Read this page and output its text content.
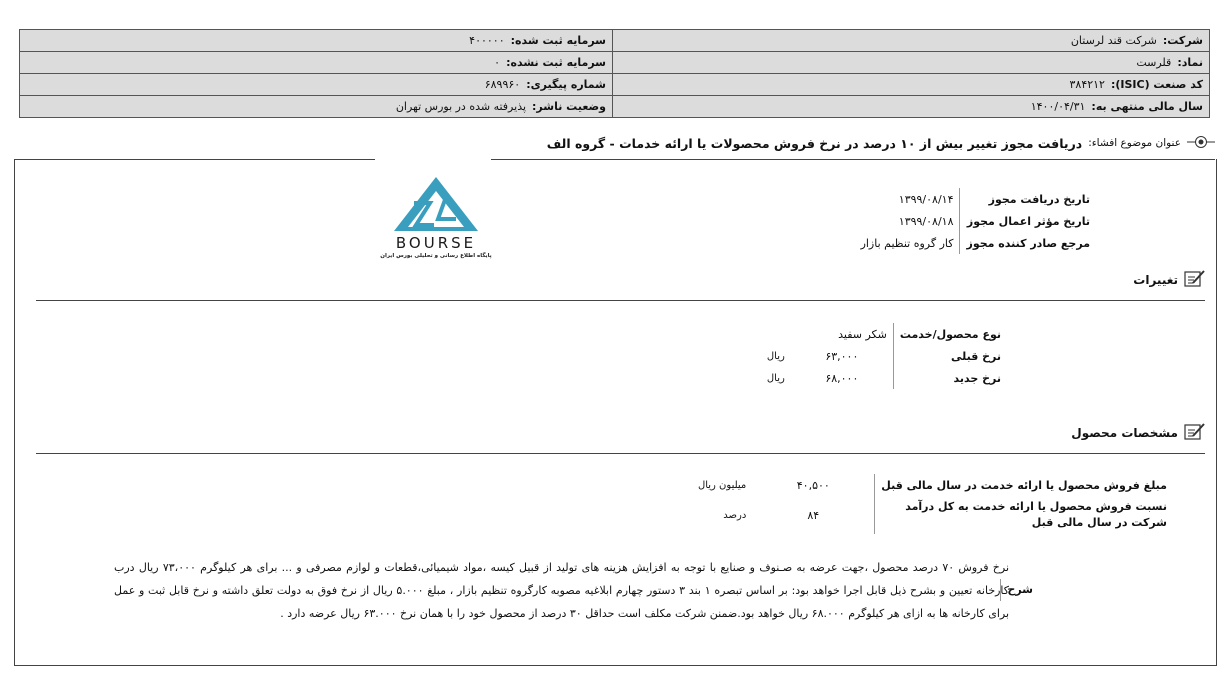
شرکت:شرکت قند لرستان	سرمایه ثبت شده:۴۰۰۰۰۰
نماد:قلرست	سرمایه ثبت نشده:۰
کد صنعت (ISIC):۳۸۴۲۱۲	شماره پیگیری:۶۸۹۹۶۰
سال مالی منتهی به:۱۴۰۰/۰۴/۳۱	وضعیت ناشر:پذیرفته شده در بورس تهران
عنوان موضوع افشاء:
دریافت مجوز تغییر بیش از ۱۰ درصد در نرخ فروش محصولات یا ارائه خدمات - گروه الف
BOURSE
پایگاه اطلاع رسانی و تحلیلی بورس ایران
تاریخ دریافت مجوز	۱۳۹۹/۰۸/۱۴
تاریخ مؤثر اعمال مجوز	۱۳۹۹/۰۸/۱۸
مرجع صادر کننده مجوز	کار گروه تنظیم بازار
تغییرات
نوع محصول/خدمت	شکر سفید	
نرخ قبلی	۶۳,۰۰۰	ریال
نرخ جدید	۶۸,۰۰۰	ریال
مشخصات محصول
مبلغ فروش محصول یا ارائه خدمت در سال مالی قبل	۴۰,۵۰۰	میلیون ریال
نسبت فروش محصول یا ارائه خدمت به کل درآمد
شرکت در سال مالی قبل	۸۴	درصد
شرح
نرخ فروش ۷۰ درصد محصول ،جهت عرضه به صـنوف و صنایع با توجه به افزایش هزینه های تولید از قبیل کیسه ،مواد شیمیائی،قطعات و لوازم مصرفی و ... برای هر کیلوگرم ۷۳،۰۰۰ ریال درب کارخانه تعیین و بشرح ذیل قابل اجرا خواهد بود: بر اساس تبصره ۱ بند ۳ دستور چهارم ابلاغیه مصوبه کارگروه تنظیم بازار ، مبلغ ۵.۰۰۰ ریال از نرخ فوق به دولت تعلق داشته و نرخ قابل ثبت و عمل برای کارخانه ها به ازای هر کیلوگرم ۶۸.۰۰۰ ریال خواهد بود.ضمنن شرکت مکلف است حداقل ۳۰ درصد از محصول خود را با همان نرخ ۶۳.۰۰۰ ریال عرضه دارد .
